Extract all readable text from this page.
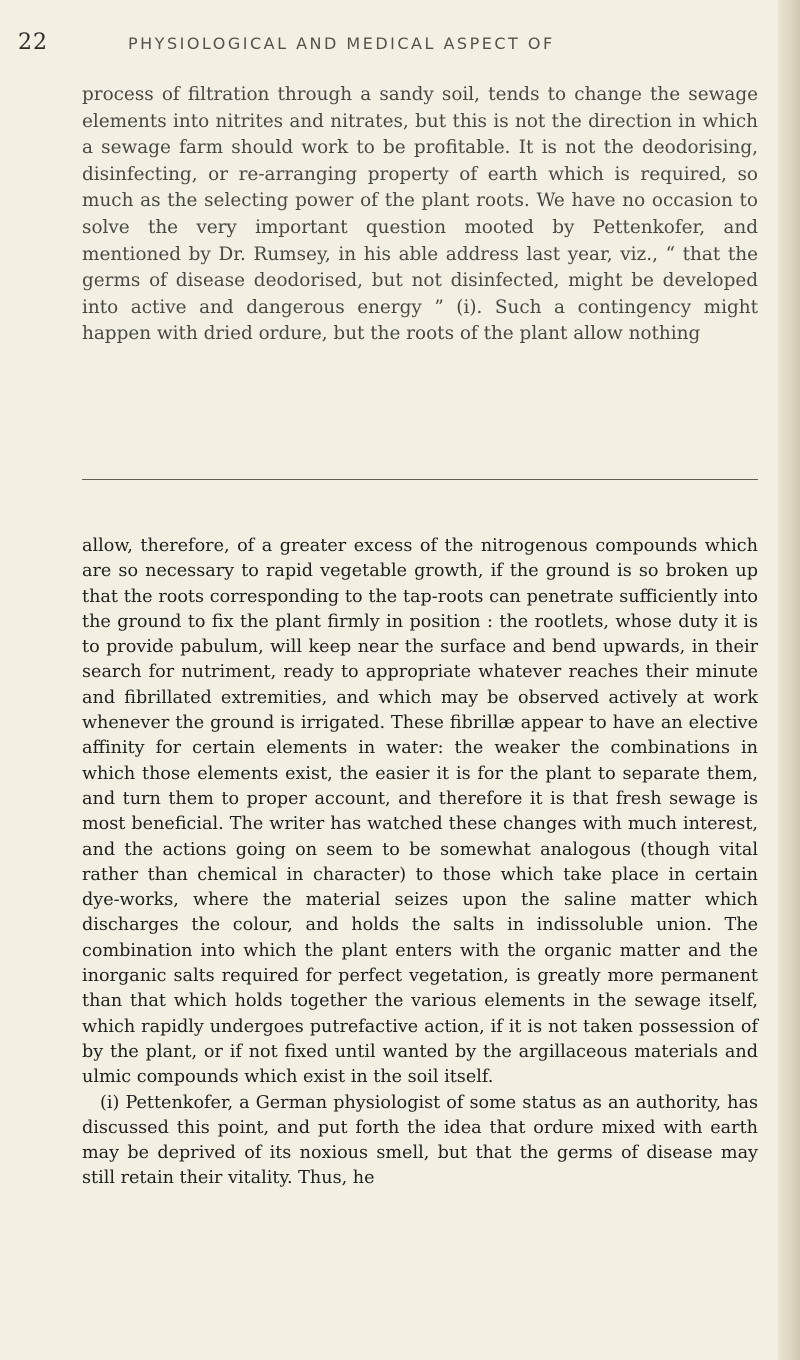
22	PHYSIOLOGICAL AND MEDICAL ASPECT OF

process of filtration through a sandy soil, tends to change the sewage elements into nitrites and nitrates, but this is not the direction in which a sewage farm should work to be profitable. It is not the deodorising, disinfecting, or re-arranging property of earth which is required, so much as the selecting power of the plant roots. We have no occasion to solve the very important question mooted by Pettenkofer, and mentioned by Dr. Rumsey, in his able address last year, viz., “ that the germs of disease deodorised, but not disinfected, might be developed into active and dangerous energy ” (i). Such a contingency might happen with dried ordure, but the roots of the plant allow nothing

allow, therefore, of a greater excess of the nitrogenous compounds which are so necessary to rapid vegetable growth, if the ground is so broken up that the roots corresponding to the tap-roots can penetrate sufficiently into the ground to fix the plant firmly in position : the rootlets, whose duty it is to provide pabulum, will keep near the surface and bend upwards, in their search for nutriment, ready to appropriate whatever reaches their minute and fibrillated extremities, and which may be observed actively at work whenever the ground is irrigated. These fibrillæ appear to have an elective affinity for certain elements in water: the weaker the combinations in which those elements exist, the easier it is for the plant to separate them, and turn them to proper account, and therefore it is that fresh sewage is most beneficial. The writer has watched these changes with much interest, and the actions going on seem to be somewhat analogous (though vital rather than chemical in character) to those which take place in certain dye-works, where the material seizes upon the saline matter which discharges the colour, and holds the salts in indissoluble union. The combination into which the plant enters with the organic matter and the inorganic salts required for perfect vegetation, is greatly more permanent than that which holds together the various elements in the sewage itself, which rapidly undergoes putrefactive action, if it is not taken possession of by the plant, or if not fixed until wanted by the argillaceous materials and ulmic compounds which exist in the soil itself.

(i) Pettenkofer, a German physiologist of some status as an authority, has discussed this point, and put forth the idea that ordure mixed with earth may be deprived of its noxious smell, but that the germs of disease may still retain their vitality. Thus, he
